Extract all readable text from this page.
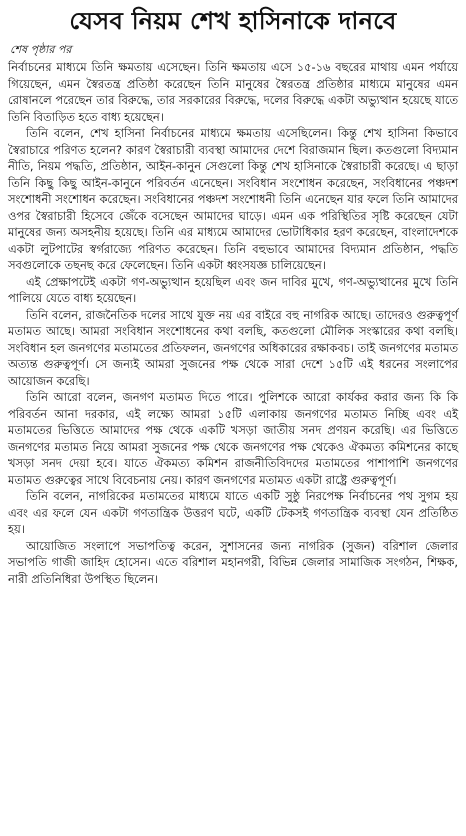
যেসব নিয়ম শেখ হাসিনাকে দানবে
শেষ পৃষ্ঠার পর

নির্বাচনের মাধ্যমে তিনি ক্ষমতায় এসেছেন। তিনি ক্ষমতায় এসে ১৫-১৬ বছরের মাথায় এমন পর্যায়ে গিয়েছেন, এমন স্বৈরতন্ত্র প্রতিষ্ঠা করেছেন তিনি মানুষের স্বৈরতন্ত্র প্রতিষ্ঠার মাধ্যমে মানুষের এমন রোষানলে পরেছেন তার বিরুদ্ধে, তার সরকারের বিরুদ্ধে, দলের বিরুদ্ধে একটা অভ্যুত্থান হয়েছে যাতে তিনি বিতাড়িত হতে বাধ্য হয়েছেন।

তিনি বলেন, শেখ হাসিনা নির্বাচনের মাধ্যমে ক্ষমতায় এসেছিলেন। কিন্তু শেখ হাসিনা কিভাবে স্বৈরাচারে পরিণত হলেন? কারণ স্বৈরাচারী ব্যবস্থা আমাদের দেশে বিরাজমান ছিল। কতগুলো বিদ্যমান নীতি, নিয়ম পদ্ধতি, প্রতিষ্ঠান, আইন-কানুন সেগুলো কিন্তু শেখ হাসিনাকে স্বৈরাচারী করেছে। এ ছাড়া তিনি কিছু কিছু আইন-কানুনে পরিবর্তন এনেছেন। সংবিধান সংশোধন করেছেন, সংবিধানের পঞ্চদশ সংশোধনী সংশোধন করেছেন। সংবিধানের পঞ্চদশ সংশোধনী তিনি এনেছেন যার ফলে তিনি আমাদের ওপর স্বৈরাচারী হিসেবে জেঁকে বসেছেন আমাদের ঘাড়ে। এমন এক পরিস্থিতির সৃষ্টি করেছেন যেটা মানুষের জন্য অসহনীয় হয়েছে। তিনি এর মাধ্যমে আমাদের ভোটাধিকার হরণ করেছেন, বাংলাদেশকে একটা লুটপাটের স্বর্গরাজ্যে পরিণত করেছেন। তিনি বহুভাবে আমাদের বিদ্যমান প্রতিষ্ঠান, পদ্ধতি সবগুলোকে তছনছ করে ফেলেছেন। তিনি একটা ধ্বংসযজ্ঞ চালিয়েছেন।

এই প্রেক্ষাপটেই একটা গণ-অভ্যুত্থান হয়েছিল এবং জন দাবির মুখে, গণ-অভ্যুত্থানের মুখে তিনি পালিয়ে যেতে বাধ্য হয়েছেন।

তিনি বলেন, রাজনৈতিক দলের সাথে যুক্ত নয় এর বাইরে বহু নাগরিক আছে। তাদেরও গুরুত্বপূর্ণ মতামত আছে। আমরা সংবিধান সংশোধনের কথা বলছি, কতগুলো মৌলিক সংস্কারের কথা বলছি। সংবিধান হল জনগণের মতামতের প্রতিফলন, জনগণের অধিকারের রক্ষাকবচ। তাই জনগণের মতামত অত্যন্ত গুরুত্বপূর্ণ। সে জন্যই আমরা সুজনের পক্ষ থেকে সারা দেশে ১৫টি এই ধরনের সংলাপের আয়োজন করেছি।

তিনি আরো বলেন, জনগণ মতামত দিতে পারে। পুলিশকে আরো কার্যকর করার জন্য কি কি পরিবর্তন আনা দরকার, এই লক্ষ্যে আমরা ১৫টি এলাকায় জনগণের মতামত নিচ্ছি এবং এই মতামতের ভিত্তিতে আমাদের পক্ষ থেকে একটি খসড়া জাতীয় সনদ প্রণয়ন করেছি। এর ভিত্তিতে জনগণের মতামত নিয়ে আমরা সুজনের পক্ষ থেকে জনগণের পক্ষ থেকেও ঐকমত্য কমিশনের কাছে খসড়া সনদ দেয়া হবে। যাতে ঐকমত্য কমিশন রাজনীতিবিদদের মতামতের পাশাপাশি জনগণের মতামত গুরুত্বের সাথে বিবেচনায় নেয়। কারণ জনগণের মতামত একটা রাষ্ট্রে গুরুত্বপূর্ণ।

তিনি বলেন, নাগরিকের মতামতের মাধ্যমে যাতে একটি সুষ্ঠু নিরপেক্ষ নির্বাচনের পথ সুগম হয় এবং এর ফলে যেন একটা গণতান্ত্রিক উত্তরণ ঘটে, একটি টেকসই গণতান্ত্রিক ব্যবস্থা যেন প্রতিষ্ঠিত হয়।

আয়োজিত সংলাপে সভাপতিত্ব করেন, সুশাসনের জন্য নাগরিক (সুজন) বরিশাল জেলার সভাপতি গাজী জাহিদ হোসেন। এতে বরিশাল মহানগরী, বিভিন্ন জেলার সামাজিক সংগঠন, শিক্ষক, নারী প্রতিনিধিরা উপস্থিত ছিলেন।
